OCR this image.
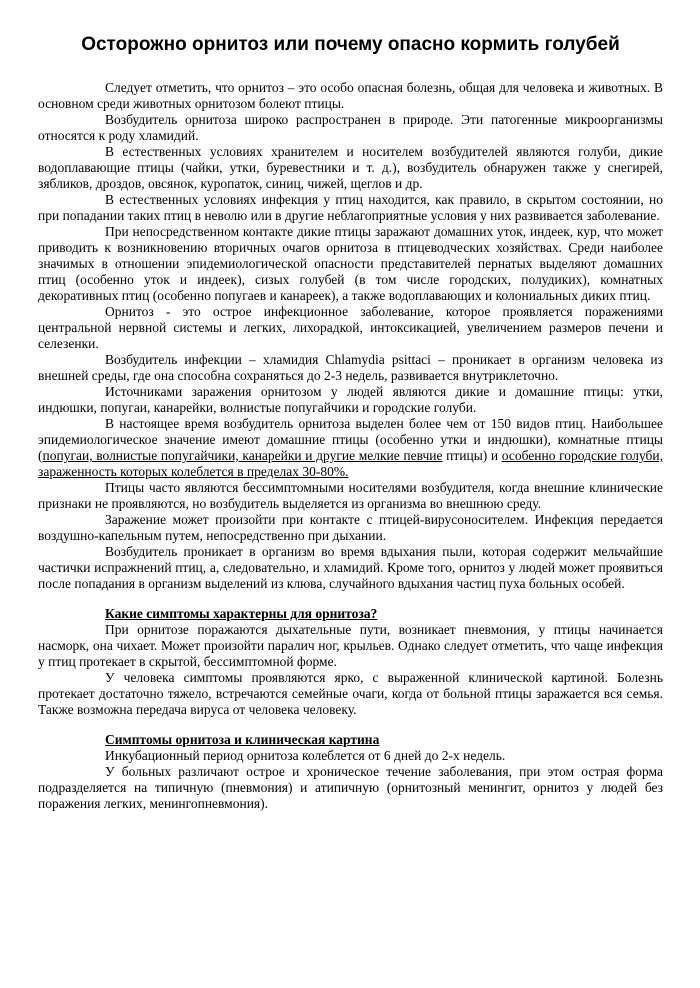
Осторожно орнитоз или почему опасно кормить голубей

Следует отметить, что орнитоз – это особо опасная болезнь, общая для человека и животных. В основном среди животных орнитозом болеют птицы.

Возбудитель орнитоза широко распространен в природе. Эти патогенные микроорганизмы относятся к роду хламидий.

В естественных условиях хранителем и носителем возбудителей являются голуби, дикие водоплавающие птицы (чайки, утки, буревестники и т. д.), возбудитель обнаружен также у снегирей, зябликов, дроздов, овсянок, куропаток, синиц, чижей, щеглов и др.

В естественных условиях инфекция у птиц находится, как правило, в скрытом состоянии, но при попадании таких птиц в неволю или в другие неблагоприятные условия у них развивается заболевание.

При непосредственном контакте дикие птицы заражают домашних уток, индеек, кур, что может приводить к возникновению вторичных очагов орнитоза в птицеводческих хозяйствах. Среди наиболее значимых в отношении эпидемиологической опасности представителей пернатых выделяют домашних птиц (особенно уток и индеек), сизых голубей (в том числе городских, полудиких), комнатных декоративных птиц (особенно попугаев и канареек), а также водоплавающих и колониальных диких птиц.

Орнитоз - это острое инфекционное заболевание, которое проявляется поражениями центральной нервной системы и легких, лихорадкой, интоксикацией, увеличением размеров печени и селезенки.

Возбудитель инфекции – хламидия Chlamydia psittaci – проникает в организм человека из внешней среды, где она способна сохраняться до 2-3 недель, развивается внутриклеточно.

Источниками заражения орнитозом у людей являются дикие и домашние птицы: утки, индюшки, попугаи, канарейки, волнистые попугайчики и городские голуби.

В настоящее время возбудитель орнитоза выделен более чем от 150 видов птиц. Наибольшее эпидемиологическое значение имеют домашние птицы (особенно утки и индюшки), комнатные птицы (попугаи, волнистые попугайчики, канарейки и другие мелкие певчие птицы) и особенно городские голуби, зараженность которых колеблется в пределах 30-80%.

Птицы часто являются бессимптомными носителями возбудителя, когда внешние клинические признаки не проявляются, но возбудитель выделяется из организма во внешнюю среду.

Заражение может произойти при контакте с птицей-вирусоносителем. Инфекция передается воздушно-капельным путем, непосредственно при дыхании.

Возбудитель проникает в организм во время вдыхания пыли, которая содержит мельчайшие частички испражнений птиц, а, следовательно, и хламидий. Кроме того, орнитоз у людей может проявиться после попадания в организм выделений из клюва, случайного вдыхания частиц пуха больных особей.

Какие симптомы характерны для орнитоза?

При орнитозе поражаются дыхательные пути, возникает пневмония, у птицы начинается насморк, она чихает. Может произойти паралич ног, крыльев. Однако следует отметить, что чаще инфекция у птиц протекает в скрытой, бессимптомной форме.

У человека симптомы проявляются ярко, с выраженной клинической картиной. Болезнь протекает достаточно тяжело, встречаются семейные очаги, когда от больной птицы заражается вся семья. Также возможна передача вируса от человека человеку.

Симптомы орнитоза и клиническая картина

Инкубационный период орнитоза колеблется от 6 дней до 2-х недель.

У больных различают острое и хроническое течение заболевания, при этом острая форма подразделяется на типичную (пневмония) и атипичную (орнитозный менингит, орнитоз у людей без поражения легких, менингопневмония).
